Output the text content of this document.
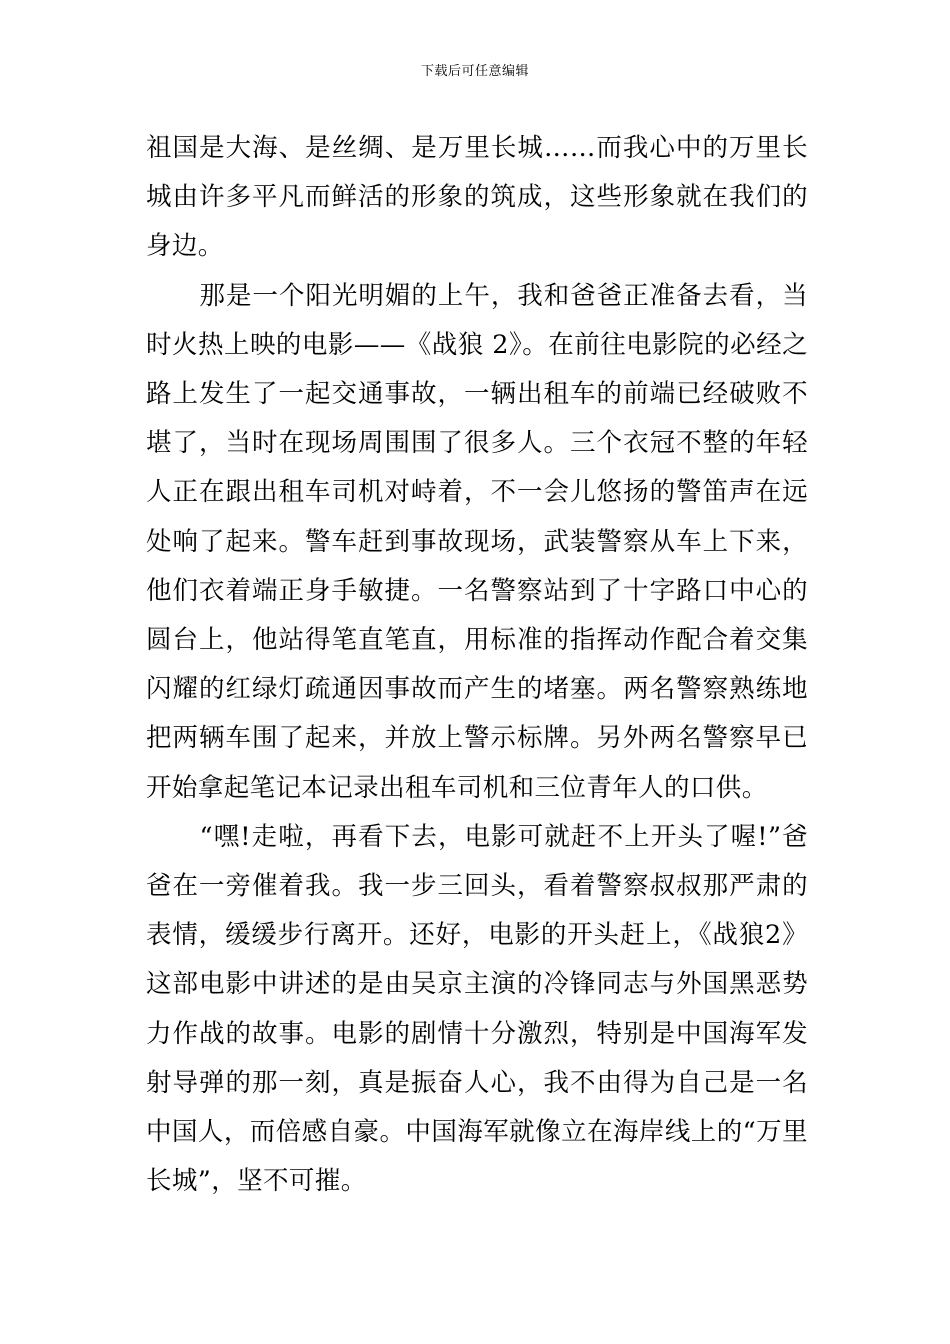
下载后可任意编辑

祖国是大海、是丝绸、是万里长城……而我心中的万里长城由许多平凡而鲜活的形象的筑成，这些形象就在我们的身边。

那是一个阳光明媚的上午，我和爸爸正准备去看，当时火热上映的电影——《战狼 2》。在前往电影院的必经之路上发生了一起交通事故，一辆出租车的前端已经破败不堪了，当时在现场周围围了很多人。三个衣冠不整的年轻人正在跟出租车司机对峙着，不一会儿悠扬的警笛声在远处响了起来。警车赶到事故现场，武装警察从车上下来，他们衣着端正身手敏捷。一名警察站到了十字路口中心的圆台上，他站得笔直笔直，用标准的指挥动作配合着交集闪耀的红绿灯疏通因事故而产生的堵塞。两名警察熟练地把两辆车围了起来，并放上警示标牌。另外两名警察早已开始拿起笔记本记录出租车司机和三位青年人的口供。

“嘿!走啦，再看下去，电影可就赶不上开头了喔!”爸爸在一旁催着我。我一步三回头，看着警察叔叔那严肃的表情，缓缓步行离开。还好，电影的开头赶上，《战狼2》这部电影中讲述的是由吴京主演的冷锋同志与外国黑恶势力作战的故事。电影的剧情十分激烈，特别是中国海军发射导弹的那一刻，真是振奋人心，我不由得为自己是一名中国人，而倍感自豪。中国海军就像立在海岸线上的“万里长城”，坚不可摧。
